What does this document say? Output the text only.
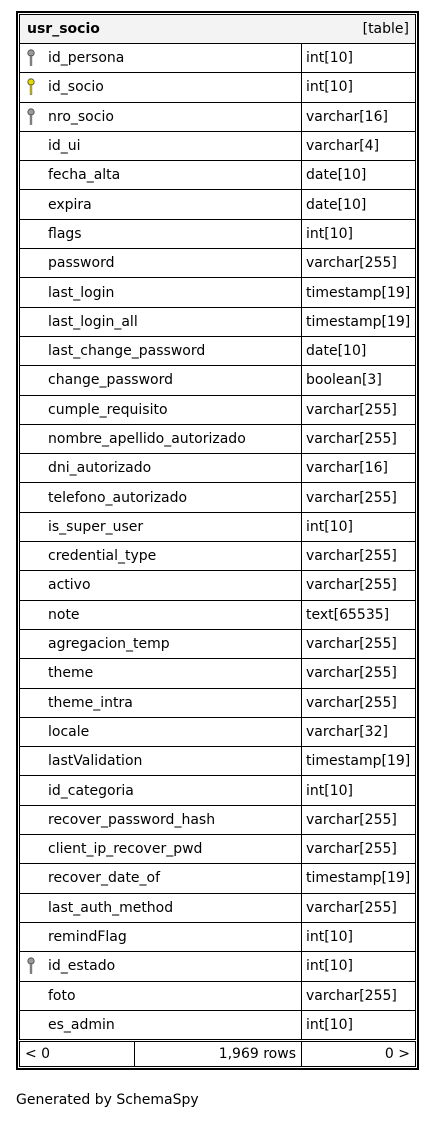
usr_socio	[table]
id_persona	int[10]
id_socio	int[10]
nro_socio	varchar[16]
id_ui	varchar[4]
fecha_alta	date[10]
expira	date[10]
flags	int[10]
password	varchar[255]
last_login	timestamp[19]
last_login_all	timestamp[19]
last_change_password	date[10]
change_password	boolean[3]
cumple_requisito	varchar[255]
nombre_apellido_autorizado	varchar[255]
dni_autorizado	varchar[16]
telefono_autorizado	varchar[255]
is_super_user	int[10]
credential_type	varchar[255]
activo	varchar[255]
note	text[65535]
agregacion_temp	varchar[255]
theme	varchar[255]
theme_intra	varchar[255]
locale	varchar[32]
lastValidation	timestamp[19]
id_categoria	int[10]
recover_password_hash	varchar[255]
client_ip_recover_pwd	varchar[255]
recover_date_of	timestamp[19]
last_auth_method	varchar[255]
remindFlag	int[10]
id_estado	int[10]
foto	varchar[255]
es_admin	int[10]
< 0	1,969 rows	0 >
Generated by SchemaSpy
